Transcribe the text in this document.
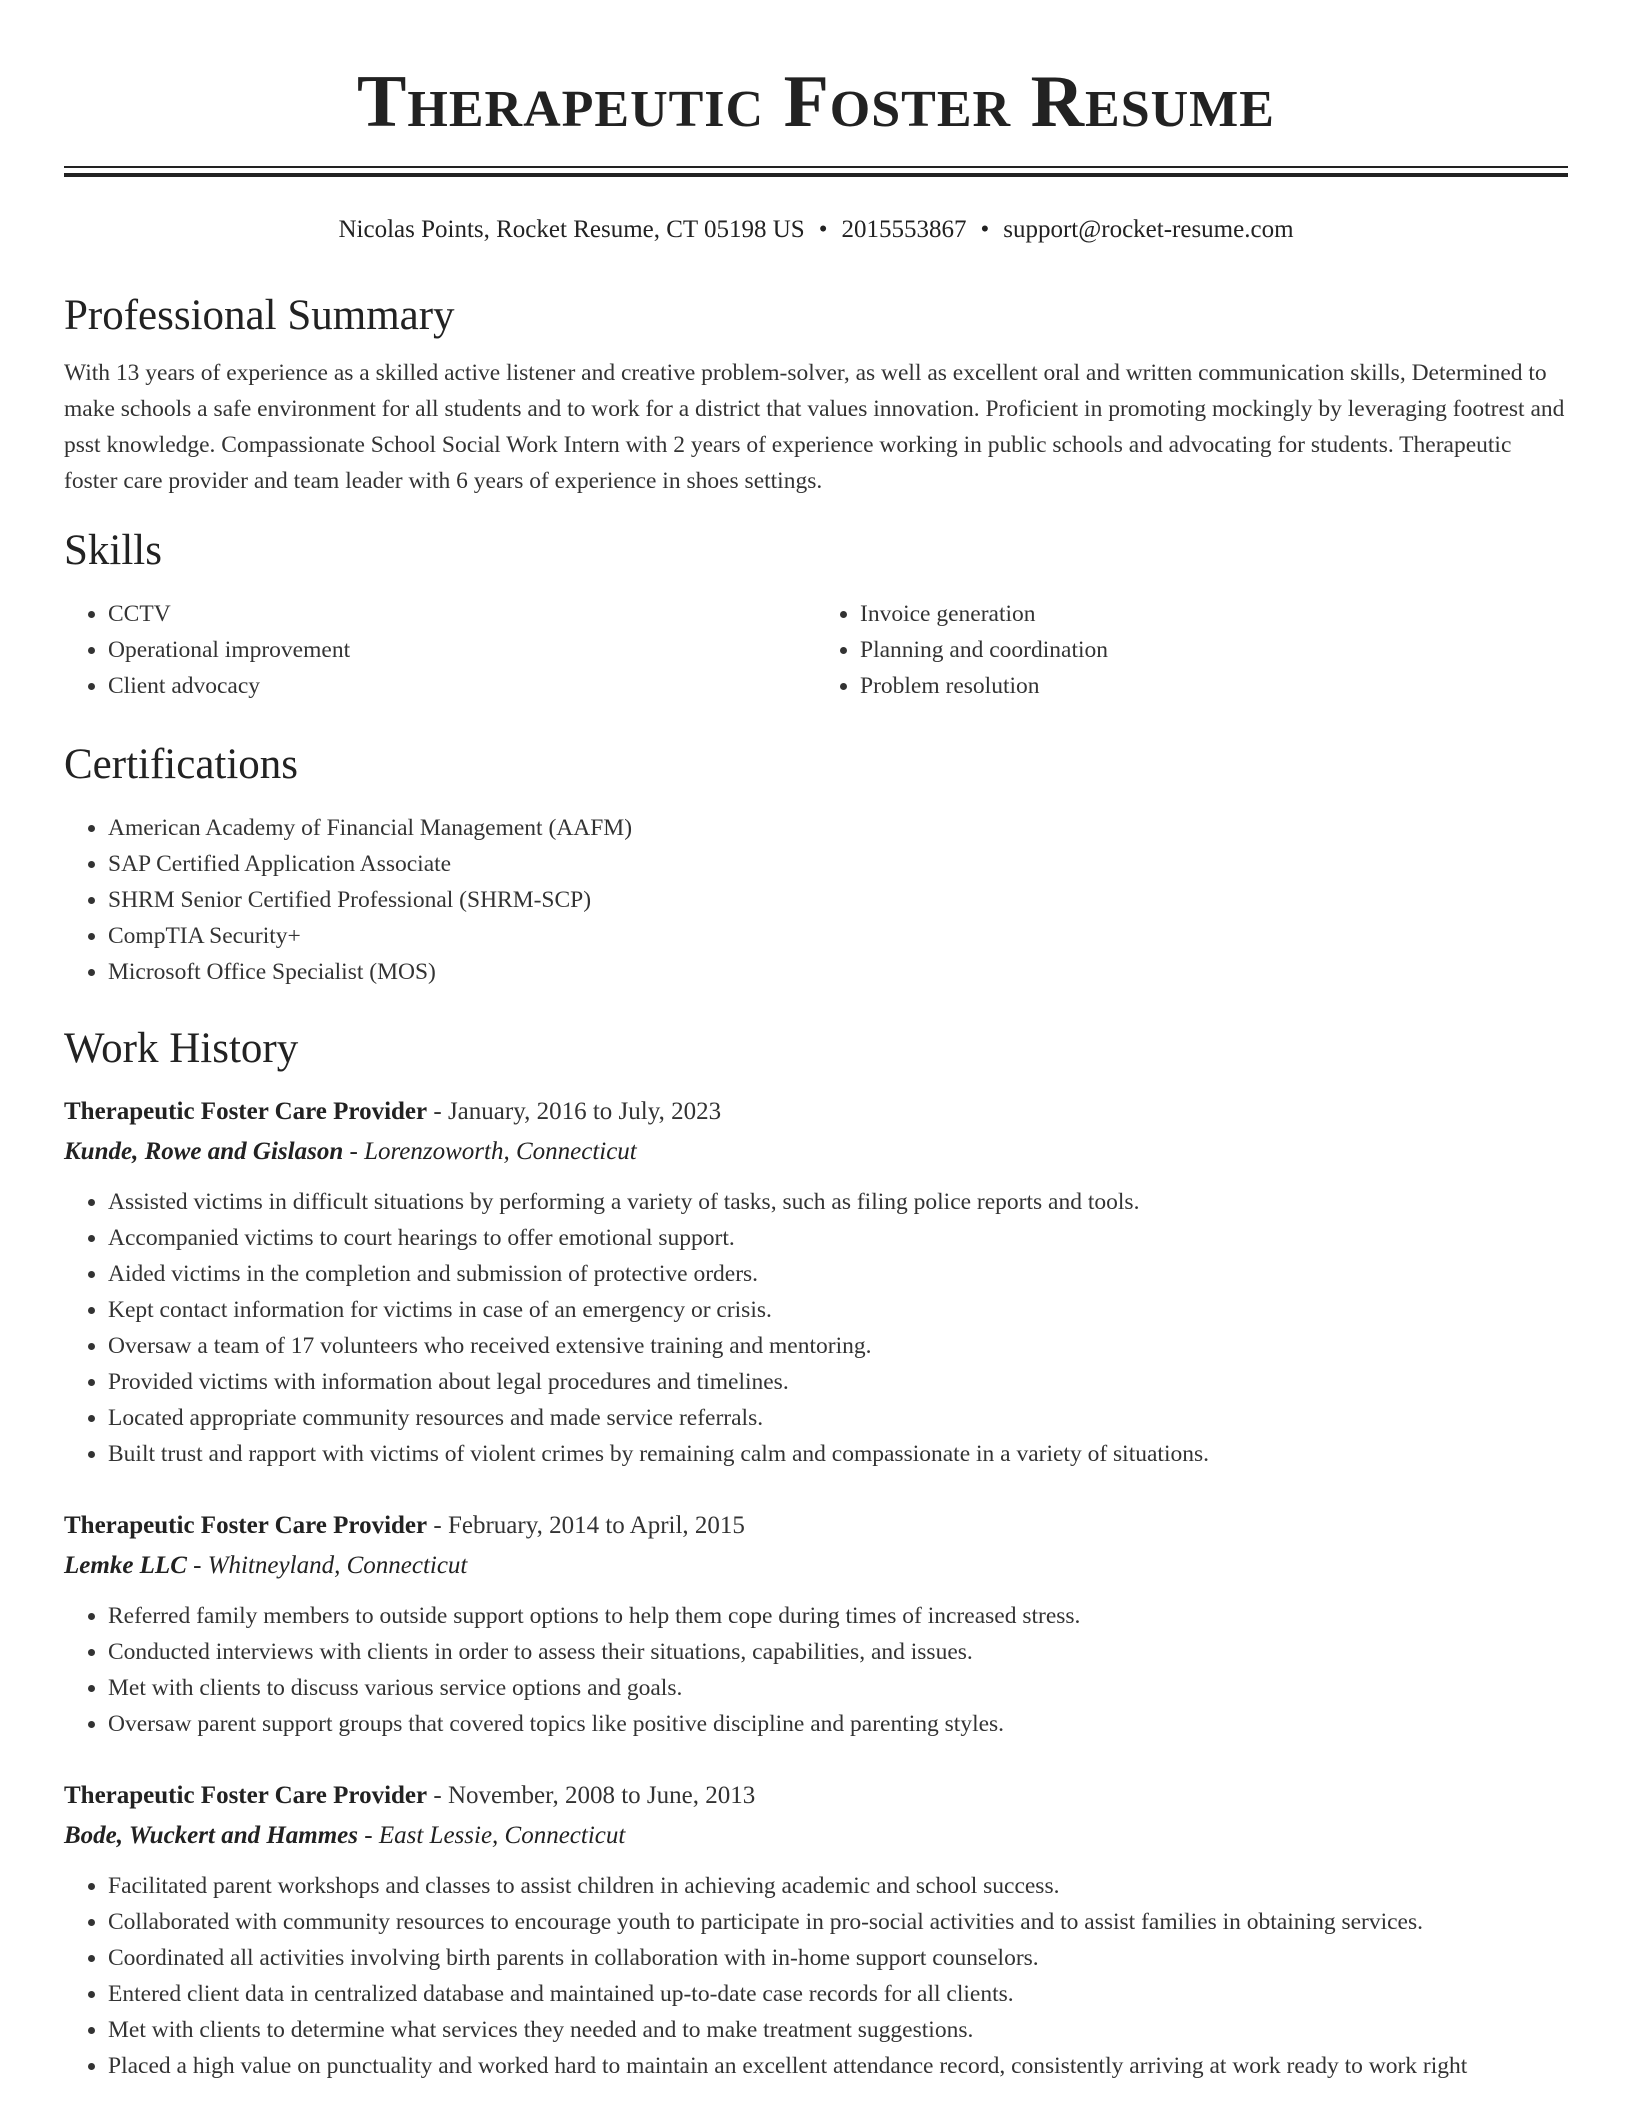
Therapeutic Foster Resume
Nicolas Points, Rocket Resume, CT 05198 US • 2015553867 • support@rocket-resume.com
Professional Summary

With 13 years of experience as a skilled active listener and creative problem-solver, as well as excellent oral and written communication skills, Determined to make schools a safe environment for all students and to work for a district that values innovation. Proficient in promoting mockingly by leveraging footrest and psst knowledge. Compassionate School Social Work Intern with 2 years of experience working in public schools and advocating for students. Therapeutic foster care provider and team leader with 6 years of experience in shoes settings.

Skills
• CCTV
• Operational improvement
• Client advocacy
• Invoice generation
• Planning and coordination
• Problem resolution
Certifications
• American Academy of Financial Management (AAFM)
• SAP Certified Application Associate
• SHRM Senior Certified Professional (SHRM-SCP)
• CompTIA Security+
• Microsoft Office Specialist (MOS)
Work History
Therapeutic Foster Care Provider - January, 2016 to July, 2023
Kunde, Rowe and Gislason - Lorenzoworth, Connecticut
• Assisted victims in difficult situations by performing a variety of tasks, such as filing police reports and tools.
• Accompanied victims to court hearings to offer emotional support.
• Aided victims in the completion and submission of protective orders.
• Kept contact information for victims in case of an emergency or crisis.
• Oversaw a team of 17 volunteers who received extensive training and mentoring.
• Provided victims with information about legal procedures and timelines.
• Located appropriate community resources and made service referrals.
• Built trust and rapport with victims of violent crimes by remaining calm and compassionate in a variety of situations.
Therapeutic Foster Care Provider - February, 2014 to April, 2015
Lemke LLC - Whitneyland, Connecticut
• Referred family members to outside support options to help them cope during times of increased stress.
• Conducted interviews with clients in order to assess their situations, capabilities, and issues.
• Met with clients to discuss various service options and goals.
• Oversaw parent support groups that covered topics like positive discipline and parenting styles.
Therapeutic Foster Care Provider - November, 2008 to June, 2013
Bode, Wuckert and Hammes - East Lessie, Connecticut
• Facilitated parent workshops and classes to assist children in achieving academic and school success.
• Collaborated with community resources to encourage youth to participate in pro-social activities and to assist families in obtaining services.
• Coordinated all activities involving birth parents in collaboration with in-home support counselors.
• Entered client data in centralized database and maintained up-to-date case records for all clients.
• Met with clients to determine what services they needed and to make treatment suggestions.
• Placed a high value on punctuality and worked hard to maintain an excellent attendance record, consistently arriving at work ready to work right
